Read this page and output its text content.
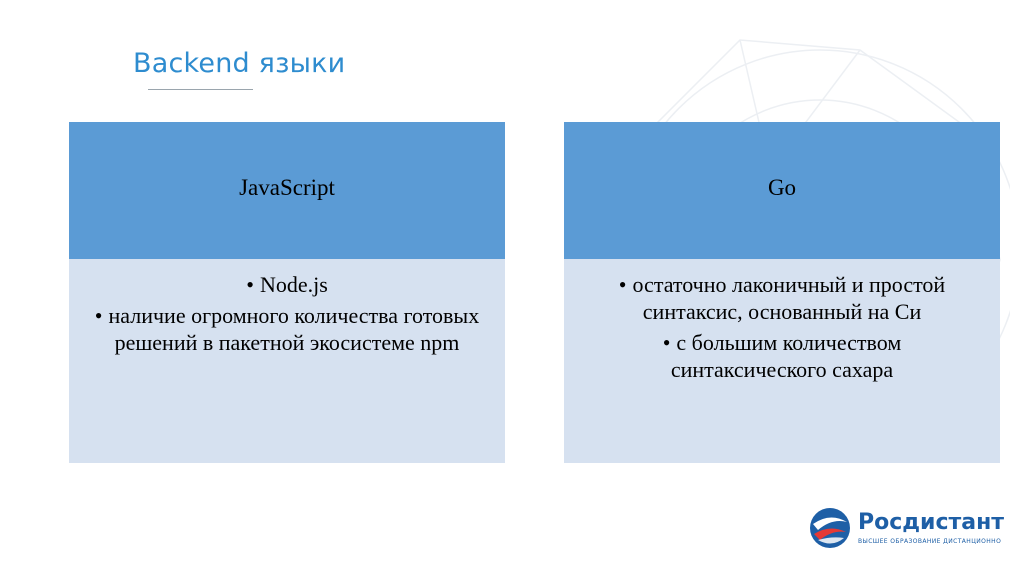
Backend языки
JavaScript
• Node.js
• наличие огромного количества готовых решений в пакетной экосистеме npm
Go
• остаточно лаконичный и простой синтаксис, основанный на Си
• с большим количеством синтаксического сахара
Росдистант
ВЫСШЕЕ ОБРАЗОВАНИЕ ДИСТАНЦИОННО
